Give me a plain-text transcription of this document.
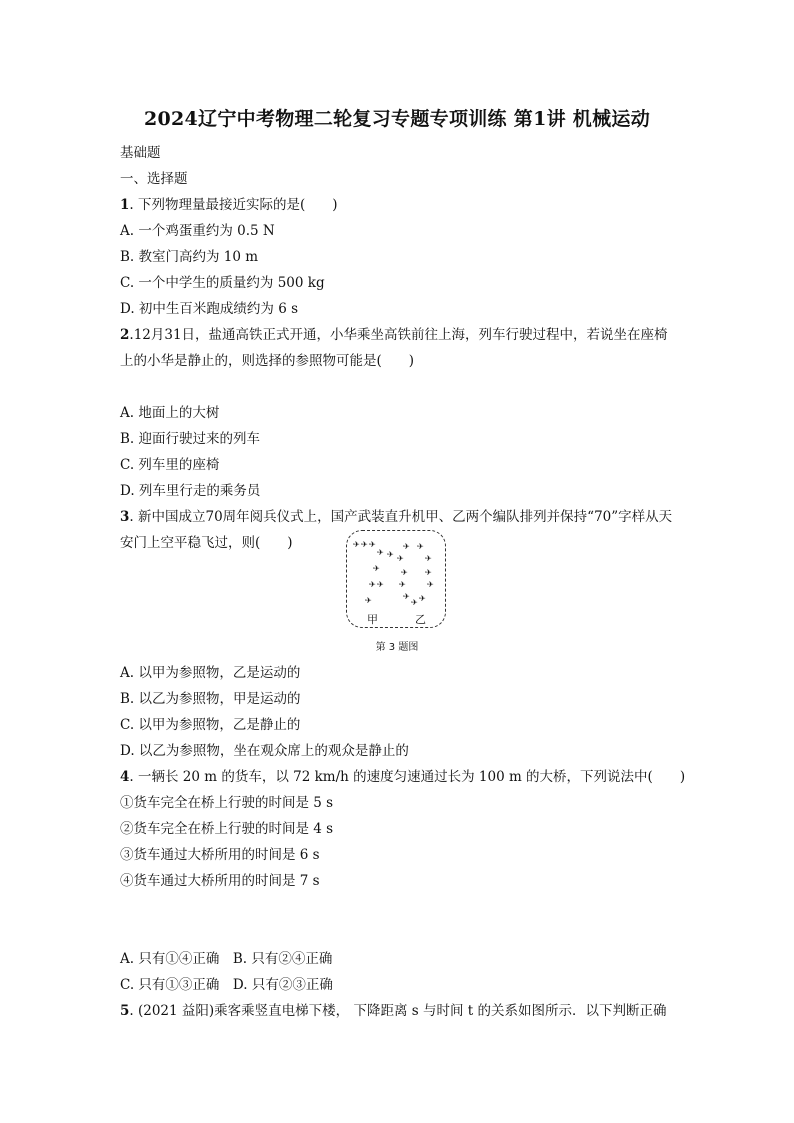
2024辽宁中考物理二轮复习专题专项训练 第1讲 机械运动
基础题
一、选择题
1. 下列物理量最接近实际的是(　　)
A. 一个鸡蛋重约为 0.5 N
B. 教室门高约为 10 m
C. 一个中学生的质量约为 500 kg
D. 初中生百米跑成绩约为 6 s
2.12月31日，盐通高铁正式开通，小华乘坐高铁前往上海，列车行驶过程中，若说坐在座椅上的小华是静止的，则选择的参照物可能是(　　)
A. 地面上的大树
B. 迎面行驶过来的列车
C. 列车里的座椅
D. 列车里行走的乘务员
3. 新中国成立70周年阅兵仪式上，国产武装直升机甲、乙两个编队排列并保持“70”字样从天安门上空平稳飞过，则(　　)	✈ ✈ ✈
✈
✈
✈
✈
✈
✈
✈ ✈
✈	✈
✈ ✈
✈	✈
✈ ✈
✈
甲	乙
第 3 题图
A. 以甲为参照物，乙是运动的
B. 以乙为参照物，甲是运动的
C. 以甲为参照物，乙是静止的
D. 以乙为参照物，坐在观众席上的观众是静止的
4. 一辆长 20 m 的货车，以 72 km/h 的速度匀速通过长为 100 m 的大桥，下列说法中(　　)
①货车完全在桥上行驶的时间是 5 s
②货车完全在桥上行驶的时间是 4 s
③货车通过大桥所用的时间是 6 s
④货车通过大桥所用的时间是 7 s
A. 只有①④正确　B. 只有②④正确
C. 只有①③正确　D. 只有②③正确
5. (2021 益阳)乘客乘竖直电梯下楼， 下降距离 s 与时间 t 的关系如图所示．以下判断正确
